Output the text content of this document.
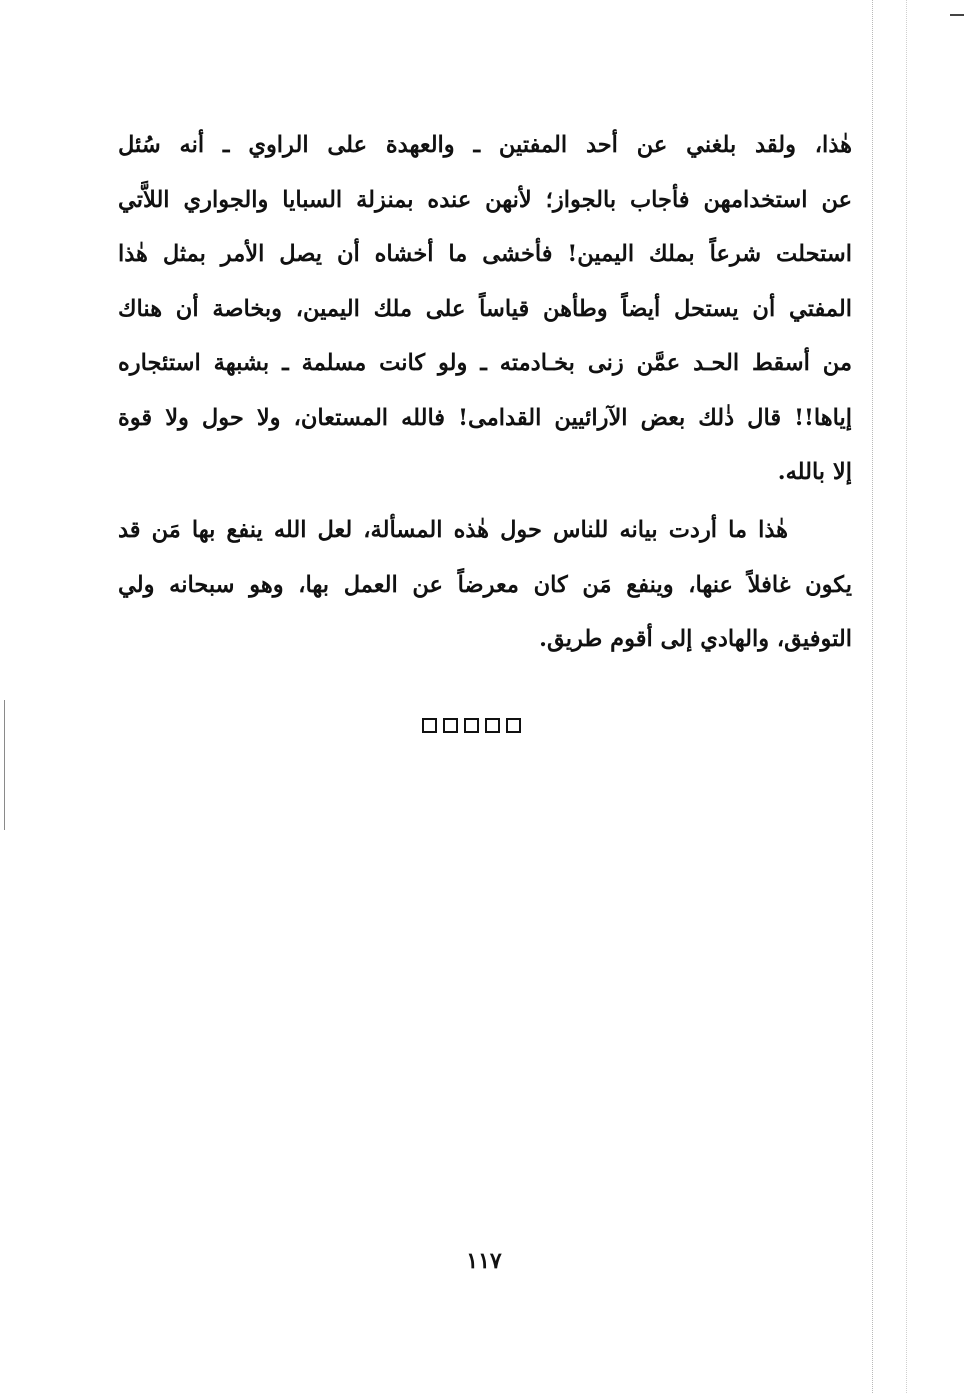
هٰذا، ولقد بلغني عن أحد المفتين ـ والعهدة على الراوي ـ أنه سُئل
عن استخدامهن فأجاب بالجواز؛ لأنهن عنده بمنزلة السبايا والجواري اللاَّتي
استحلت شرعاً بملك اليمين! فأخشى ما أخشاه أن يصل الأمر بمثل هٰذا
المفتي أن يستحل أيضاً وطأهن قياساً على ملك اليمين، وبخاصة أن هناك
من أسقط الحـد عمَّن زنى بخـادمته ـ ولو كانت مسلمة ـ بشبهة استئجاره
إياها!! قال ذٰلك بعض الآرائيين القدامى! فالله المستعان، ولا حول ولا قوة
إلا بالله.
هٰذا ما أردت بيانه للناس حول هٰذه المسألة، لعل الله ينفع بها مَن قد
يكون غافلاً عنها، وينفع مَن كان معرضاً عن العمل بها، وهو سبحانه ولي
التوفيق، والهادي إلى أقوم طريق.
١١٧
